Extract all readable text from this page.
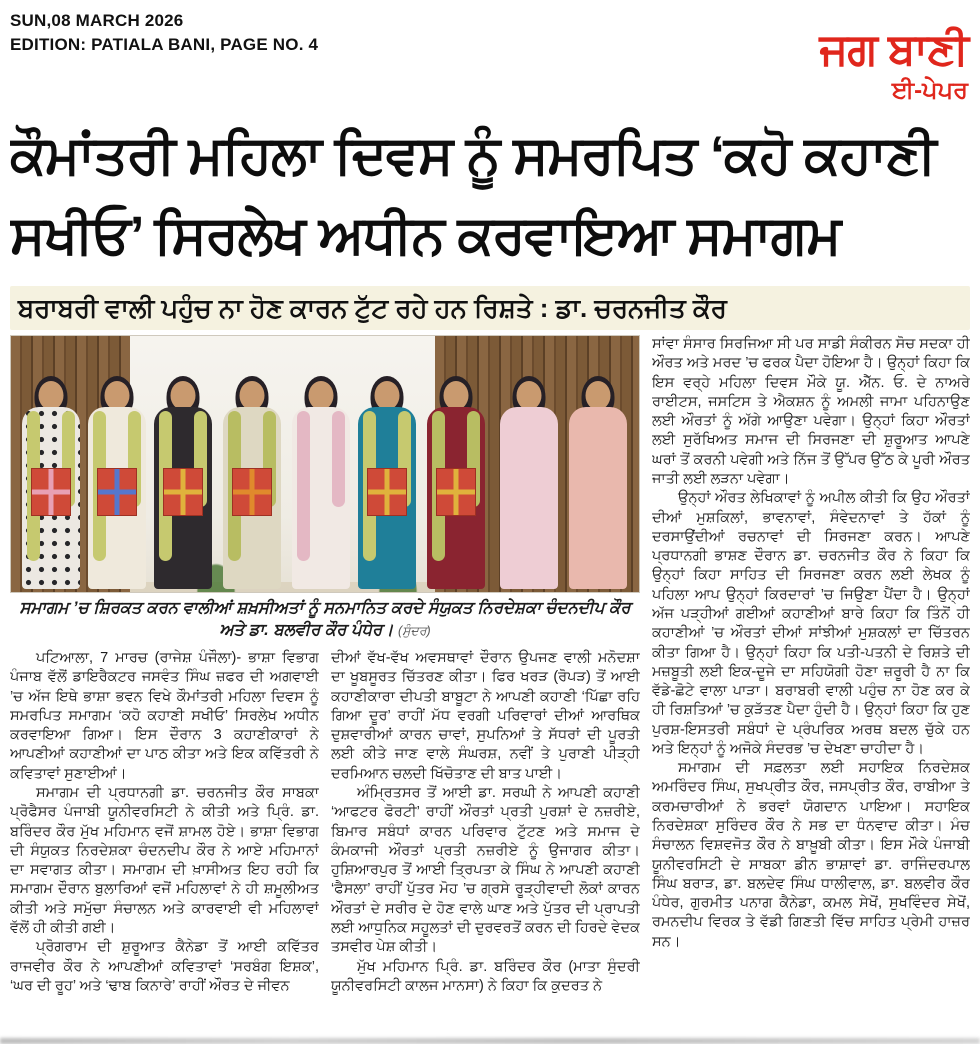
SUN,08 MARCH 2026
EDITION: PATIALA BANI, PAGE NO. 4	ਜਗ ਬਾਣੀ
ਈ-ਪੇਪਰ
ਕੌਮਾਂਤਰੀ ਮਹਿਲਾ ਦਿਵਸ ਨੂੰ ਸਮਰਪਿਤ ‘ਕਹੋ ਕਹਾਣੀ
ਸਖੀਓ’ ਸਿਰਲੇਖ ਅਧੀਨ ਕਰਵਾਇਆ ਸਮਾਗਮ
ਬਰਾਬਰੀ ਵਾਲੀ ਪਹੁੰਚ ਨਾ ਹੋਣ ਕਾਰਨ ਟੁੱਟ ਰਹੇ ਹਨ ਰਿਸ਼ਤੇ : ਡਾ. ਚਰਨਜੀਤ ਕੌਰ
ਸਮਾਗਮ ’ਚ ਸ਼ਿਰਕਤ ਕਰਨ ਵਾਲੀਆਂ ਸ਼ਖ਼ਸੀਅਤਾਂ ਨੂੰ ਸਨਮਾਨਿਤ ਕਰਦੇ ਸੰਯੁਕਤ ਨਿਰਦੇਸ਼ਕਾ ਚੰਦਨਦੀਪ ਕੌਰ ਅਤੇ ਡਾ. ਬਲਵੀਰ ਕੌਰ ਪੰਧੇਰ। (ਸੁੰਦਰ)

ਪਟਿਆਲਾ, 7 ਮਾਰਚ (ਰਾਜੇਸ਼ ਪੰਜੌਲਾ)- ਭਾਸ਼ਾ ਵਿਭਾਗ ਪੰਜਾਬ ਵੱਲੋਂ ਡਾਇਰੈਕਟਰ ਜਸਵੰਤ ਸਿੰਘ ਜ਼ਫਰ ਦੀ ਅਗਵਾਈ ’ਚ ਅੱਜ ਇਥੇ ਭਾਸ਼ਾ ਭਵਨ ਵਿਖੇ ਕੌਮਾਂਤਰੀ ਮਹਿਲਾ ਦਿਵਸ ਨੂੰ ਸਮਰਪਿਤ ਸਮਾਗਮ ‘ਕਹੋ ਕਹਾਣੀ ਸਖੀਓ’ ਸਿਰਲੇਖ ਅਧੀਨ ਕਰਵਾਇਆ ਗਿਆ। ਇਸ ਦੌਰਾਨ 3 ਕਹਾਣੀਕਾਰਾਂ ਨੇ ਆਪਣੀਆਂ ਕਹਾਣੀਆਂ ਦਾ ਪਾਠ ਕੀਤਾ ਅਤੇ ਇਕ ਕਵਿੱਤਰੀ ਨੇ ਕਵਿਤਾਵਾਂ ਸੁਣਾਈਆਂ।

ਸਮਾਗਮ ਦੀ ਪ੍ਰਧਾਨਗੀ ਡਾ. ਚਰਨਜੀਤ ਕੌਰ ਸਾਬਕਾ ਪ੍ਰੋਫੈਸਰ ਪੰਜਾਬੀ ਯੂਨੀਵਰਸਿਟੀ ਨੇ ਕੀਤੀ ਅਤੇ ਪ੍ਰਿੰ. ਡਾ. ਬਰਿੰਦਰ ਕੌਰ ਮੁੱਖ ਮਹਿਮਾਨ ਵਜੋਂ ਸ਼ਾਮਲ ਹੋਏ। ਭਾਸ਼ਾ ਵਿਭਾਗ ਦੀ ਸੰਯੁਕਤ ਨਿਰਦੇਸ਼ਕਾ ਚੰਦਨਦੀਪ ਕੌਰ ਨੇ ਆਏ ਮਹਿਮਾਨਾਂ ਦਾ ਸਵਾਗਤ ਕੀਤਾ। ਸਮਾਗਮ ਦੀ ਖ਼ਾਸੀਅਤ ਇਹ ਰਹੀ ਕਿ ਸਮਾਗਮ ਦੌਰਾਨ ਬੁਲਾਰਿਆਂ ਵਜੋਂ ਮਹਿਲਾਵਾਂ ਨੇ ਹੀ ਸ਼ਮੂਲੀਅਤ ਕੀਤੀ ਅਤੇ ਸਮੁੱਚਾ ਸੰਚਾਲਨ ਅਤੇ ਕਾਰਵਾਈ ਵੀ ਮਹਿਲਾਵਾਂ ਵੱਲੋਂ ਹੀ ਕੀਤੀ ਗਈ।

ਪ੍ਰੋਗਰਾਮ ਦੀ ਸ਼ੁਰੂਆਤ ਕੈਨੇਡਾ ਤੋਂ ਆਈ ਕਵਿੱਤਰ ਰਾਜਵੀਰ ਕੌਰ ਨੇ ਆਪਣੀਆਂ ਕਵਿਤਾਵਾਂ ‘ਸਰਬੰਗ ਇਸ਼ਕ’, ‘ਘਰ ਦੀ ਰੂਹ’ ਅਤੇ ‘ਢਾਬ ਕਿਨਾਰੇ’ ਰਾਹੀਂ ਔਰਤ ਦੇ ਜੀਵਨ

ਦੀਆਂ ਵੱਖ-ਵੱਖ ਅਵਸਥਾਵਾਂ ਦੌਰਾਨ ਉਪਜਣ ਵਾਲੀ ਮਨੋਦਸ਼ਾ ਦਾ ਖੂਬਸੂਰਤ ਚਿੱਤਰਣ ਕੀਤਾ। ਫਿਰ ਖਰੜ (ਰੋਪੜ) ਤੋਂ ਆਈ ਕਹਾਣੀਕਾਰਾ ਦੀਪਤੀ ਬਾਬੂਟਾ ਨੇ ਆਪਣੀ ਕਹਾਣੀ ‘ਪਿੱਛਾ ਰਹਿ ਗਿਆ ਦੂਰ’ ਰਾਹੀਂ ਮੱਧ ਵਰਗੀ ਪਰਿਵਾਰਾਂ ਦੀਆਂ ਆਰਥਿਕ ਦੁਸ਼ਵਾਰੀਆਂ ਕਾਰਨ ਚਾਵਾਂ, ਸੁਪਨਿਆਂ ਤੇ ਸੱਧਰਾਂ ਦੀ ਪੂਰਤੀ ਲਈ ਕੀਤੇ ਜਾਣ ਵਾਲੇ ਸੰਘਰਸ਼, ਨਵੀਂ ਤੇ ਪੁਰਾਣੀ ਪੀੜ੍ਹੀ ਦਰਮਿਆਨ ਚਲਦੀ ਖਿੱਚੋਤਾਣ ਦੀ ਬਾਤ ਪਾਈ।

ਅੰਮ੍ਰਿਤਸਰ ਤੋਂ ਆਈ ਡਾ. ਸਰਘੀ ਨੇ ਆਪਣੀ ਕਹਾਣੀ ‘ਆਫਟਰ ਫੋਰਟੀ’ ਰਾਹੀਂ ਔਰਤਾਂ ਪ੍ਰਤੀ ਪੁਰਸ਼ਾਂ ਦੇ ਨਜ਼ਰੀਏ, ਬਿਮਾਰ ਸਬੰਧਾਂ ਕਾਰਨ ਪਰਿਵਾਰ ਟੁੱਟਣ ਅਤੇ ਸਮਾਜ ਦੇ ਕੰਮਕਾਜੀ ਔਰਤਾਂ ਪ੍ਰਤੀ ਨਜ਼ਰੀਏ ਨੂੰ ਉਜਾਗਰ ਕੀਤਾ। ਹੁਸ਼ਿਆਰਪੁਰ ਤੋਂ ਆਈ ਤ੍ਰਿਪਤਾ ਕੇ ਸਿੰਘ ਨੇ ਆਪਣੀ ਕਹਾਣੀ ‘ਫੈਸਲਾ’ ਰਾਹੀਂ ਪੁੱਤਰ ਮੋਹ ’ਚ ਗ੍ਰਸੇ ਰੂੜ੍ਹੀਵਾਦੀ ਲੋਕਾਂ ਕਾਰਨ ਔਰਤਾਂ ਦੇ ਸਰੀਰ ਦੇ ਹੋਣ ਵਾਲੇ ਘਾਣ ਅਤੇ ਪੁੱਤਰ ਦੀ ਪ੍ਰਾਪਤੀ ਲਈ ਆਧੁਨਿਕ ਸਹੂਲਤਾਂ ਦੀ ਦੁਰਵਰਤੋਂ ਕਰਨ ਦੀ ਹਿਰਦੇ ਵੇਦਕ ਤਸਵੀਰ ਪੇਸ਼ ਕੀਤੀ।

ਮੁੱਖ ਮਹਿਮਾਨ ਪ੍ਰਿੰ. ਡਾ. ਬਰਿੰਦਰ ਕੌਰ (ਮਾਤਾ ਸੁੰਦਰੀ ਯੂਨੀਵਰਸਿਟੀ ਕਾਲਜ ਮਾਨਸਾ) ਨੇ ਕਿਹਾ ਕਿ ਕੁਦਰਤ ਨੇ

ਸਾਂਵਾ ਸੰਸਾਰ ਸਿਰਜਿਆ ਸੀ ਪਰ ਸਾਡੀ ਸੰਕੀਰਨ ਸੋਚ ਸਦਕਾ ਹੀ ਔਰਤ ਅਤੇ ਮਰਦ ’ਚ ਫਰਕ ਪੈਦਾ ਹੋਇਆ ਹੈ। ਉਨ੍ਹਾਂ ਕਿਹਾ ਕਿ ਇਸ ਵਰ੍ਹੇ ਮਹਿਲਾ ਦਿਵਸ ਮੌਕੇ ਯੂ. ਐੱਨ. ਓ. ਦੇ ਨਾਅਰੇ ਰਾਈਟਸ, ਜਸਟਿਸ ਤੇ ਐਕਸ਼ਨ ਨੂੰ ਅਮਲੀ ਜਾਮਾ ਪਹਿਨਾਉਣ ਲਈ ਔਰਤਾਂ ਨੂੰ ਅੱਗੇ ਆਉਣਾ ਪਵੇਗਾ। ਉਨ੍ਹਾਂ ਕਿਹਾ ਔਰਤਾਂ ਲਈ ਸੁਰੱਖਿਅਤ ਸਮਾਜ ਦੀ ਸਿਰਜਣਾ ਦੀ ਸ਼ੁਰੂਆਤ ਆਪਣੇ ਘਰਾਂ ਤੋਂ ਕਰਨੀ ਪਵੇਗੀ ਅਤੇ ਨਿੱਜ ਤੋਂ ਉੱਪਰ ਉੱਠ ਕੇ ਪੂਰੀ ਔਰਤ ਜਾਤੀ ਲਈ ਲੜਨਾ ਪਵੇਗਾ।

ਉਨ੍ਹਾਂ ਔਰਤ ਲੇਖਿਕਾਵਾਂ ਨੂੰ ਅਪੀਲ ਕੀਤੀ ਕਿ ਉਹ ਔਰਤਾਂ ਦੀਆਂ ਮੁਸ਼ਕਿਲਾਂ, ਭਾਵਨਾਵਾਂ, ਸੰਵੇਦਨਾਵਾਂ ਤੇ ਹੱਕਾਂ ਨੂੰ ਦਰਸਾਉਂਦੀਆਂ ਰਚਨਾਵਾਂ ਦੀ ਸਿਰਜਣਾ ਕਰਨ। ਆਪਣੇ ਪ੍ਰਧਾਨਗੀ ਭਾਸ਼ਣ ਦੌਰਾਨ ਡਾ. ਚਰਨਜੀਤ ਕੌਰ ਨੇ ਕਿਹਾ ਕਿ ਉਨ੍ਹਾਂ ਕਿਹਾ ਸਾਹਿਤ ਦੀ ਸਿਰਜਣਾ ਕਰਨ ਲਈ ਲੇਖਕ ਨੂੰ ਪਹਿਲਾ ਆਪ ਉਨ੍ਹਾਂ ਕਿਰਦਾਰਾਂ ’ਚ ਜਿਉਣਾ ਪੈਂਦਾ ਹੈ। ਉਨ੍ਹਾਂ ਅੱਜ ਪੜ੍ਹੀਆਂ ਗਈਆਂ ਕਹਾਣੀਆਂ ਬਾਰੇ ਕਿਹਾ ਕਿ ਤਿੰਨੋਂ ਹੀ ਕਹਾਣੀਆਂ ’ਚ ਔਰਤਾਂ ਦੀਆਂ ਸਾਂਝੀਆਂ ਮੁਸ਼ਕਲਾਂ ਦਾ ਚਿੱਤਰਨ ਕੀਤਾ ਗਿਆ ਹੈ। ਉਨ੍ਹਾਂ ਕਿਹਾ ਕਿ ਪਤੀ-ਪਤਨੀ ਦੇ ਰਿਸ਼ਤੇ ਦੀ ਮਜ਼ਬੂਤੀ ਲਈ ਇਕ-ਦੂਜੇ ਦਾ ਸਹਿਯੋਗੀ ਹੋਣਾ ਜ਼ਰੂਰੀ ਹੈ ਨਾ ਕਿ ਵੱਡੇ-ਛੋਟੇ ਵਾਲਾ ਪਾੜਾ। ਬਰਾਬਰੀ ਵਾਲੀ ਪਹੁੰਚ ਨਾ ਹੋਣ ਕਰ ਕੇ ਹੀ ਰਿਸ਼ਤਿਆਂ ’ਚ ਕੁੜੱਤਣ ਪੈਦਾ ਹੁੰਦੀ ਹੈ। ਉਨ੍ਹਾਂ ਕਿਹਾ ਕਿ ਹੁਣ ਪੁਰਸ਼-ਇਸਤਰੀ ਸਬੰਧਾਂ ਦੇ ਪ੍ਰੰਪਰਿਕ ਅਰਥ ਬਦਲ ਚੁੱਕੇ ਹਨ ਅਤੇ ਇਨ੍ਹਾਂ ਨੂੰ ਅਜੋਕੇ ਸੰਦਰਭ ’ਚ ਦੇਖਣਾ ਚਾਹੀਦਾ ਹੈ।

ਸਮਾਗਮ ਦੀ ਸਫ਼ਲਤਾ ਲਈ ਸਹਾਇਕ ਨਿਰਦੇਸ਼ਕ ਅਮਰਿੰਦਰ ਸਿੰਘ, ਸੁਖਪ੍ਰੀਤ ਕੌਰ, ਜਸਪ੍ਰੀਤ ਕੌਰ, ਰਾਬੀਆ ਤੇ ਕਰਮਚਾਰੀਆਂ ਨੇ ਭਰਵਾਂ ਯੋਗਦਾਨ ਪਾਇਆ। ਸਹਾਇਕ ਨਿਰਦੇਸ਼ਕਾ ਸੁਰਿੰਦਰ ਕੌਰ ਨੇ ਸਭ ਦਾ ਧੰਨਵਾਦ ਕੀਤਾ। ਮੰਚ ਸੰਚਾਲਨ ਵਿਸ਼ਵਜੋਤ ਕੌਰ ਨੇ ਬਾਖ਼ੂਬੀ ਕੀਤਾ। ਇਸ ਮੌਕੇ ਪੰਜਾਬੀ ਯੂਨੀਵਰਸਿਟੀ ਦੇ ਸਾਬਕਾ ਡੀਨ ਭਾਸ਼ਾਵਾਂ ਡਾ. ਰਾਜਿੰਦਰਪਾਲ ਸਿੰਘ ਬਰਾੜ, ਡਾ. ਬਲਦੇਵ ਸਿੰਘ ਧਾਲੀਵਾਲ, ਡਾ. ਬਲਵੀਰ ਕੌਰ ਪੰਧੇਰ, ਗੁਰਮੀਤ ਪਨਾਗ ਕੈਨੇਡਾ, ਕਮਲ ਸੇਖੋਂ, ਸੁਖਵਿੰਦਰ ਸੇਖੋਂ, ਰਮਨਦੀਪ ਵਿਰਕ ਤੇ ਵੱਡੀ ਗਿਣਤੀ ਵਿੱਚ ਸਾਹਿਤ ਪ੍ਰੇਮੀ ਹਾਜ਼ਰ ਸਨ।
